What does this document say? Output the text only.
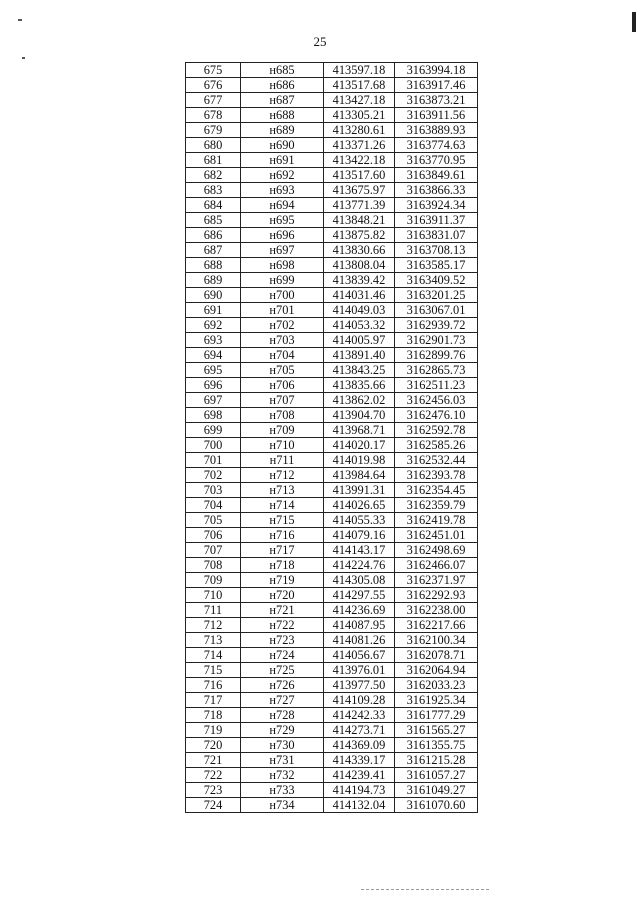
25
675	н685	413597.18	3163994.18
676	н686	413517.68	3163917.46
677	н687	413427.18	3163873.21
678	н688	413305.21	3163911.56
679	н689	413280.61	3163889.93
680	н690	413371.26	3163774.63
681	н691	413422.18	3163770.95
682	н692	413517.60	3163849.61
683	н693	413675.97	3163866.33
684	н694	413771.39	3163924.34
685	н695	413848.21	3163911.37
686	н696	413875.82	3163831.07
687	н697	413830.66	3163708.13
688	н698	413808.04	3163585.17
689	н699	413839.42	3163409.52
690	н700	414031.46	3163201.25
691	н701	414049.03	3163067.01
692	н702	414053.32	3162939.72
693	н703	414005.97	3162901.73
694	н704	413891.40	3162899.76
695	н705	413843.25	3162865.73
696	н706	413835.66	3162511.23
697	н707	413862.02	3162456.03
698	н708	413904.70	3162476.10
699	н709	413968.71	3162592.78
700	н710	414020.17	3162585.26
701	н711	414019.98	3162532.44
702	н712	413984.64	3162393.78
703	н713	413991.31	3162354.45
704	н714	414026.65	3162359.79
705	н715	414055.33	3162419.78
706	н716	414079.16	3162451.01
707	н717	414143.17	3162498.69
708	н718	414224.76	3162466.07
709	н719	414305.08	3162371.97
710	н720	414297.55	3162292.93
711	н721	414236.69	3162238.00
712	н722	414087.95	3162217.66
713	н723	414081.26	3162100.34
714	н724	414056.67	3162078.71
715	н725	413976.01	3162064.94
716	н726	413977.50	3162033.23
717	н727	414109.28	3161925.34
718	н728	414242.33	3161777.29
719	н729	414273.71	3161565.27
720	н730	414369.09	3161355.75
721	н731	414339.17	3161215.28
722	н732	414239.41	3161057.27
723	н733	414194.73	3161049.27
724	н734	414132.04	3161070.60
